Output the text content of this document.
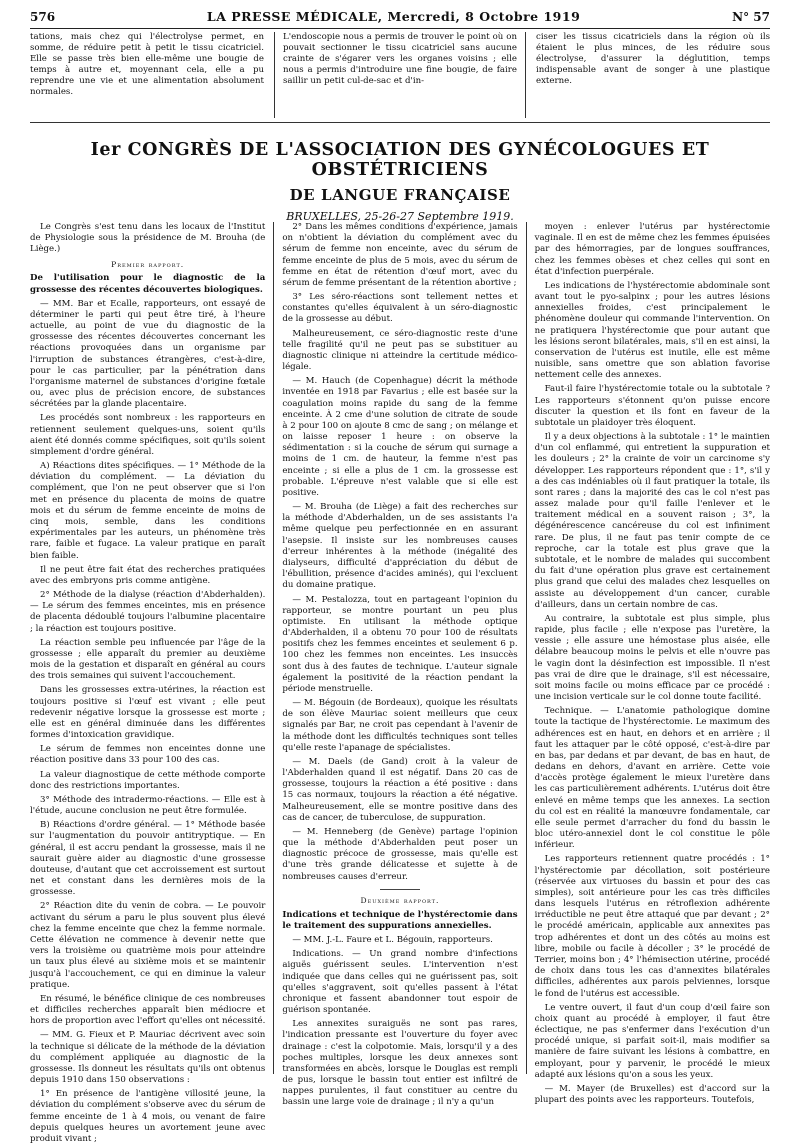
576	LA PRESSE MÉDICALE, Mercredi, 8 Octobre 1919	N° 57
tations, mais chez qui l'électrolyse permet, en somme, de réduire petit à petit le tissu cicatriciel. Elle se passe très bien elle-même une bougie de temps à autre et, moyennant cela, elle a pu reprendre une vie et une alimentation absolument normales.
L'endoscopie nous a permis de trouver le point où on pouvait sectionner le tissu cicatriciel sans aucune crainte de s'égarer vers les organes voisins ; elle nous a permis d'introduire une fine bougie, de faire saillir un petit cul-de-sac et d'in-
ciser les tissus cicatriciels dans la région où ils étaient le plus minces, de les réduire sous électrolyse, d'assurer la déglutition, temps indispensable avant de songer à une plastique externe.
Ier CONGRÈS DE L'ASSOCIATION DES GYNÉCOLOGUES ET OBSTÉTRICIENS
DE LANGUE FRANÇAISE
BRUXELLES, 25-26-27 Septembre 1919.

Le Congrès s'est tenu dans les locaux de l'Institut de Physiologie sous la présidence de M. Brouha (de Liège.)

Premier rapport.

De l'utilisation pour le diagnostic de la grossesse des récentes découvertes biologiques.

— MM. Bar et Ecalle, rapporteurs, ont essayé de déterminer le parti qui peut être tiré, à l'heure actuelle, au point de vue du diagnostic de la grossesse des récentes découvertes concernant les réactions provoquées dans un organisme par l'irruption de substances étrangères, c'est-à-dire, pour le cas particulier, par la pénétration dans l'organisme maternel de substances d'origine fœtale ou, avec plus de précision encore, de substances sécrétées par la glande placentaire.

Les procédés sont nombreux : les rapporteurs en retiennent seulement quelques-uns, soient qu'ils aient été donnés comme spécifiques, soit qu'ils soient simplement d'ordre général.

A) Réactions dites spécifiques. — 1° Méthode de la déviation du complément. — La déviation du complément, que l'on ne peut observer que si l'on met en présence du placenta de moins de quatre mois et du sérum de femme enceinte de moins de cinq mois, semble, dans les conditions expérimentales par les auteurs, un phénomène très rare, faible et fugace. La valeur pratique en paraît bien faible.

Il ne peut être fait état des recherches pratiquées avec des embryons pris comme antigène.

2° Méthode de la dialyse (réaction d'Abderhalden). — Le sérum des femmes enceintes, mis en présence de placenta dédoublé toujours l'albumine placentaire ; la réaction est toujours positive.

La réaction semble peu influencée par l'âge de la grossesse ; elle apparaît du premier au deuxième mois de la gestation et disparaît en général au cours des trois semaines qui suivent l'accouchement.

Dans les grossesses extra-utérines, la réaction est toujours positive si l'œuf est vivant ; elle peut redevenir négative lorsque la grossesse est morte ; elle est en général diminuée dans les différentes formes d'intoxication gravidique.

Le sérum de femmes non enceintes donne une réaction positive dans 33 pour 100 des cas.

La valeur diagnostique de cette méthode comporte donc des restrictions importantes.

3° Méthode des intradermo-réactions. — Elle est à l'étude, aucune conclusion ne peut être formulée.

B) Réactions d'ordre général. — 1° Méthode basée sur l'augmentation du pouvoir antitryptique. — En général, il est accru pendant la grossesse, mais il ne saurait guère aider au diagnostic d'une grossesse douteuse, d'autant que cet accroissement est surtout net et constant dans les dernières mois de la grossesse.

2° Réaction dite du venin de cobra. — Le pouvoir activant du sérum a paru le plus souvent plus élevé chez la femme enceinte que chez la femme normale. Cette élévation ne commence à devenir nette que vers la troisième ou quatrième mois pour atteindre un taux plus élevé au sixième mois et se maintenir jusqu'à l'accouchement, ce qui en diminue la valeur pratique.

En résumé, le bénéfice clinique de ces nombreuses et difficiles recherches apparaît bien médiocre et hors de proportion avec l'effort qu'elles ont nécessité.

— MM. G. Fieux et P. Mauriac décrivent avec soin la technique si délicate de la méthode de la déviation du complément appliquée au diagnostic de la grossesse. Ils donneut les résultats qu'ils ont obtenus depuis 1910 dans 150 observations :

1° En présence de l'antigène villosité jeune, la déviation du complément s'observe avec du sérum de femme enceinte de 1 à 4 mois, ou venant de faire depuis quelques heures un avortement jeune avec produit vivant ;

2° Dans les mêmes conditions d'expérience, jamais on n'obtient la déviation du complément avec du sérum de femme non enceinte, avec du sérum de femme enceinte de plus de 5 mois, avec du sérum de femme en état de rétention d'œuf mort, avec du sérum de femme présentant de la rétention abortive ;

3° Les séro-réactions sont tellement nettes et constantes qu'elles équivalent à un séro-diagnostic de la grossesse au début.

Malheureusement, ce séro-diagnostic reste d'une telle fragilité qu'il ne peut pas se substituer au diagnostic clinique ni atteindre la certitude médico-légale.

— M. Hauch (de Copenhague) décrit la méthode inventée en 1918 par Favarius ; elle est basée sur la coagulation moins rapide du sang de la femme enceinte. À 2 cme d'une solution de citrate de soude à 2 pour 100 on ajoute 8 cmc de sang ; on mélange et on laisse reposer 1 heure : on observe la sédimentation : si la couche de sérum qui surnage a moins de 1 cm. de hauteur, la femme n'est pas enceinte ; si elle a plus de 1 cm. la grossesse est probable. L'épreuve n'est valable que si elle est positive.

— M. Brouha (de Liège) a fait des recherches sur la méthode d'Abderhalden, un de ses assistants l'a même quelque peu perfectionnée en en assurant l'asepsie. Il insiste sur les nombreuses causes d'erreur inhérentes à la méthode (inégalité des dialyseurs, difficulté d'appréciation du début de l'ébullition, présence d'acides aminés), qui l'excluent du domaine pratique.

— M. Pestalozza, tout en partageant l'opinion du rapporteur, se montre pourtant un peu plus optimiste. En utilisant la méthode optique d'Abderhalden, il a obtenu 70 pour 100 de résultats positifs chez les femmes enceintes et seulement 6 p. 100 chez les femmes non enceintes. Les insuccès sont dus à des fautes de technique. L'auteur signale également la positivité de la réaction pendant la période menstruelle.

— M. Bégouin (de Bordeaux), quoique les résultats de son élève Mauriac soient meilleurs que ceux signalés par Bar, ne croit pas cependant à l'avenir de la méthode dont les difficultés techniques sont telles qu'elle reste l'apanage de spécialistes.

— M. Daels (de Gand) croit à la valeur de l'Abderhalden quand il est négatif. Dans 20 cas de grossesse, toujours la réaction a été positive : dans 15 cas normaux, toujours la réaction a été négative. Malheureusement, elle se montre positive dans des cas de cancer, de tuberculose, de suppuration.

— M. Henneberg (de Genève) partage l'opinion que la méthode d'Abderhalden peut poser un diagnostic précoce de grossesse, mais qu'elle est d'une très grande délicatesse et sujette à de nombreuses causes d'erreur.

Deuxième rapport.

Indications et technique de l'hystérectomie dans le traitement des suppurations annexielles.

— MM. J.-L. Faure et L. Bégouin, rapporteurs.

Indications. — Un grand nombre d'infections aiguës guérissent seules. L'intervention n'est indiquée que dans celles qui ne guérissent pas, soit qu'elles s'aggravent, soit qu'elles passent à l'état chronique et fassent abandonner tout espoir de guérison spontanée.

Les annexites suraiguës ne sont pas rares, l'indication pressante est l'ouverture du foyer avec drainage : c'est la colpotomie. Mais, lorsqu'il y a des poches multiples, lorsque les deux annexes sont transformées en abcès, lorsque le Douglas est rempli de pus, lorsque le bassin tout entier est infiltré de nappes purulentes, il faut constituer au centre du bassin une large voie de drainage ; il n'y a qu'un

moyen : enlever l'utérus par hystérectomie vaginale. Il en est de même chez les femmes épuisées par des hémorragies, par de longues souffrances, chez les femmes obèses et chez celles qui sont en état d'infection puerpérale.

Les indications de l'hystérectomie abdominale sont avant tout le pyo-salpinx ; pour les autres lésions annexielles froides, c'est principalement le phénomène douleur qui commande l'intervention. On ne pratiquera l'hystérectomie que pour autant que les lésions seront bilatérales, mais, s'il en est ainsi, la conservation de l'utérus est inutile, elle est même nuisible, sans omettre que son ablation favorise nettement celle des annexes.

Faut-il faire l'hystérectomie totale ou la subtotale ? Les rapporteurs s'étonnent qu'on puisse encore discuter la question et ils font en faveur de la subtotale un plaidoyer très éloquent.

Il y a deux objections à la subtotale : 1° le maintien d'un col enflammé, qui entretient la suppuration et les douleurs ; 2° la crainte de voir un carcinome s'y développer. Les rapporteurs répondent que : 1°, s'il y a des cas indéniables où il faut pratiquer la totale, ils sont rares ; dans la majorité des cas le col n'est pas assez malade pour qu'il faille l'enlever et le traitement médical en a souvent raison ; 3°, la dégénérescence cancéreuse du col est infiniment rare. De plus, il ne faut pas tenir compte de ce reproche, car la totale est plus grave que la subtotale, et le nombre de malades qui succombent du fait d'une opération plus grave est certainement plus grand que celui des malades chez lesquelles on assiste au développement d'un cancer, curable d'ailleurs, dans un certain nombre de cas.

Au contraire, la subtotale est plus simple, plus rapide, plus facile ; elle n'expose pas l'uretère, la vessie ; elle assure une hémostase plus aisée, elle délabre beaucoup moins le pelvis et elle n'ouvre pas le vagin dont la désinfection est impossible. Il n'est pas vrai de dire que le drainage, s'il est nécessaire, soit moins facile ou moins efficace par ce procédé : une incision verticale sur le col donne toute facilité.

Technique. — L'anatomie pathologique domine toute la tactique de l'hystérectomie. Le maximum des adhérences est en haut, en dehors et en arrière ; il faut les attaquer par le côté opposé, c'est-à-dire par en bas, par dedans et par devant, de bas en haut, de dedans en dehors, d'avant en arrière. Cette voie d'accès protège également le mieux l'uretère dans les cas particulièrement adhérents. L'utérus doit être enlevé en même temps que les annexes. La section du col est en réalité la manœuvre fondamentale, car elle seule permet d'arracher du fond du bassin le bloc utéro-annexiel dont le col constitue le pôle inférieur.

Les rapporteurs retiennent quatre procédés : 1° l'hystérectomie par décollation, soit postérieure (réservée aux virtuoses du bassin et pour des cas simples), soit antérieure pour les cas très difficiles dans lesquels l'utérus en rétroflexion adhérente irréductible ne peut être attaqué que par devant ; 2° le procédé américain, applicable aux annexites pas trop adhérentes et dont un des côtés au moins est libre, mobile ou facile à décoller ; 3° le procédé de Terrier, moins bon ; 4° l'hémisection utérine, procédé de choix dans tous les cas d'annexites bilatérales difficiles, adhérentes aux parois pelviennes, lorsque le fond de l'utérus est accessible.

Le ventre ouvert, il faut d'un coup d'œil faire son choix quant au procédé à employer, il faut être éclectique, ne pas s'enfermer dans l'exécution d'un procédé unique, si parfait soit-il, mais modifier sa manière de faire suivant les lésions à combattre, en employant, pour y parvenir, le procédé le mieux adapté aux lésions qu'on a sous les yeux.

— M. Mayer (de Bruxelles) est d'accord sur la plupart des points avec les rapporteurs. Toutefois,
